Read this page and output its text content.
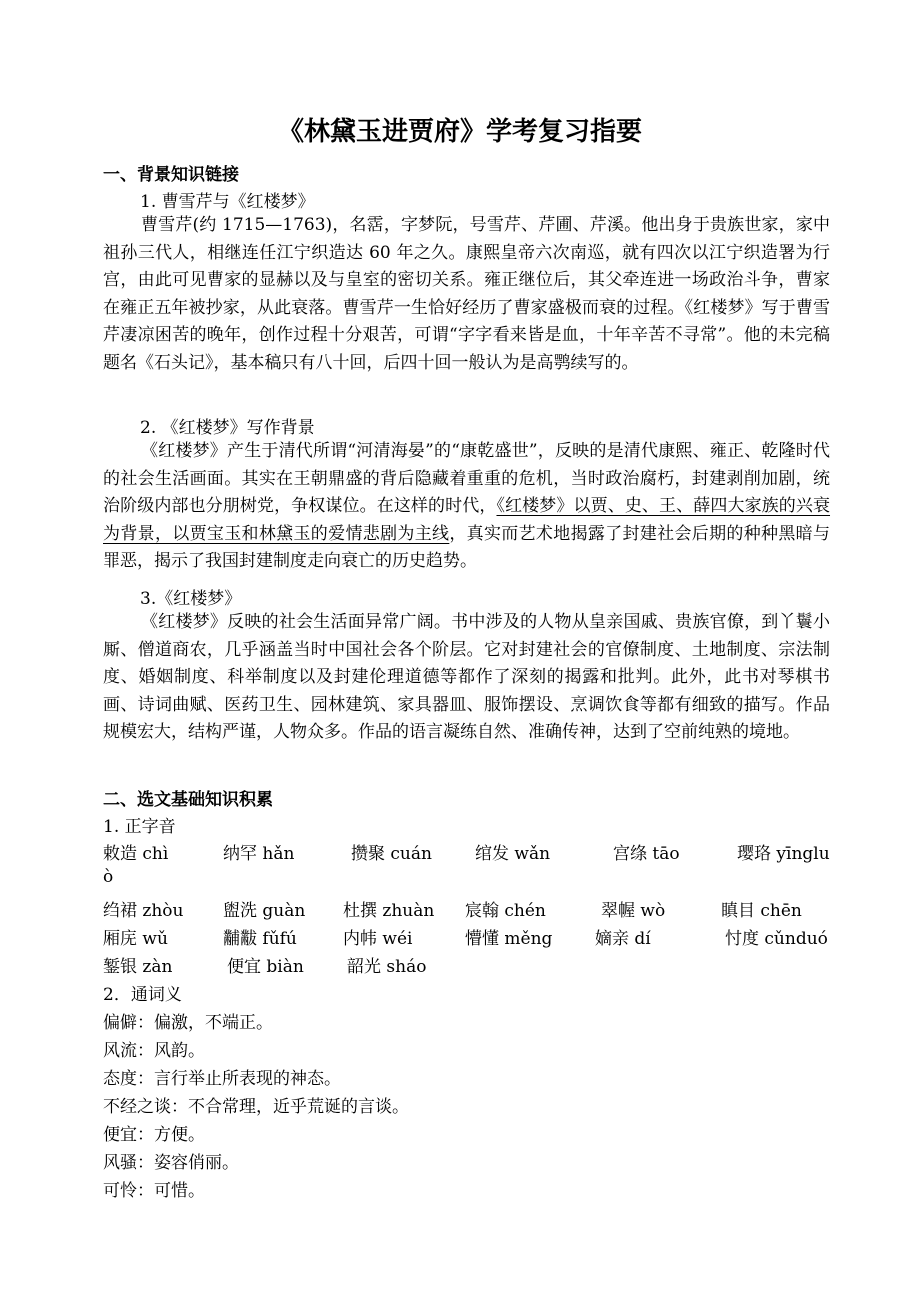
《林黛玉进贾府》学考复习指要
一、背景知识链接
1. 曹雪芹与《红楼梦》
曹雪芹(约 1715—1763)，名霑，字梦阮，号雪芹、芹圃、芹溪。他出身于贵族世家，家中祖孙三代人，相继连任江宁织造达 60 年之久。康熙皇帝六次南巡，就有四次以江宁织造署为行宫，由此可见曹家的显赫以及与皇室的密切关系。雍正继位后，其父牵连进一场政治斗争，曹家在雍正五年被抄家，从此衰落。曹雪芹一生恰好经历了曹家盛极而衰的过程。《红楼梦》写于曹雪芹凄凉困苦的晚年，创作过程十分艰苦，可谓“字字看来皆是血，十年辛苦不寻常”。他的未完稿题名《石头记》，基本稿只有八十回，后四十回一般认为是高鹗续写的。
2. 《红楼梦》写作背景
《红楼梦》产生于清代所谓“河清海晏”的“康乾盛世”，反映的是清代康熙、雍正、乾隆时代的社会生活画面。其实在王朝鼎盛的背后隐藏着重重的危机，当时政治腐朽，封建剥削加剧，统治阶级内部也分朋树党，争权谋位。在这样的时代，《红楼梦》以贾、史、王、薛四大家族的兴衰为背景，以贾宝玉和林黛玉的爱情悲剧为主线，真实而艺术地揭露了封建社会后期的种种黑暗与罪恶，揭示了我国封建制度走向衰亡的历史趋势。
3.《红楼梦》
《红楼梦》反映的社会生活面异常广阔。书中涉及的人物从皇亲国戚、贵族官僚，到丫鬟小厮、僧道商农，几乎涵盖当时中国社会各个阶层。它对封建社会的官僚制度、土地制度、宗法制度、婚姻制度、科举制度以及封建伦理道德等都作了深刻的揭露和批判。此外，此书对琴棋书画、诗词曲赋、医药卫生、园林建筑、家具器皿、服饰摆设、烹调饮食等都有细致的描写。作品规模宏大，结构严谨，人物众多。作品的语言凝练自然、准确传神，达到了空前纯熟的境地。
二、选文基础知识积累
1. 正字音
敕造 chì	纳罕 hǎn	攒聚 cuán	绾发 wǎn	宫绦 tāo	璎珞 yīnglu
ò
绉裙 zhòu 盥洗 guàn 杜撰 zhuàn 宸翰 chén	翠幄 wò	瞋目 chēn
厢庑 wǔ	黼黻 fǔfú	内帏 wéi	懵懂 měng	嫡亲 dí	忖度 cǔnduó
錾银 zàn	便宜 biàn	韶光 sháo
2．通词义
偏僻：偏激，不端正。
风流：风韵。
态度：言行举止所表现的神态。
不经之谈：不合常理，近乎荒诞的言谈。
便宜：方便。
风骚：姿容俏丽。
可怜：可惜。
